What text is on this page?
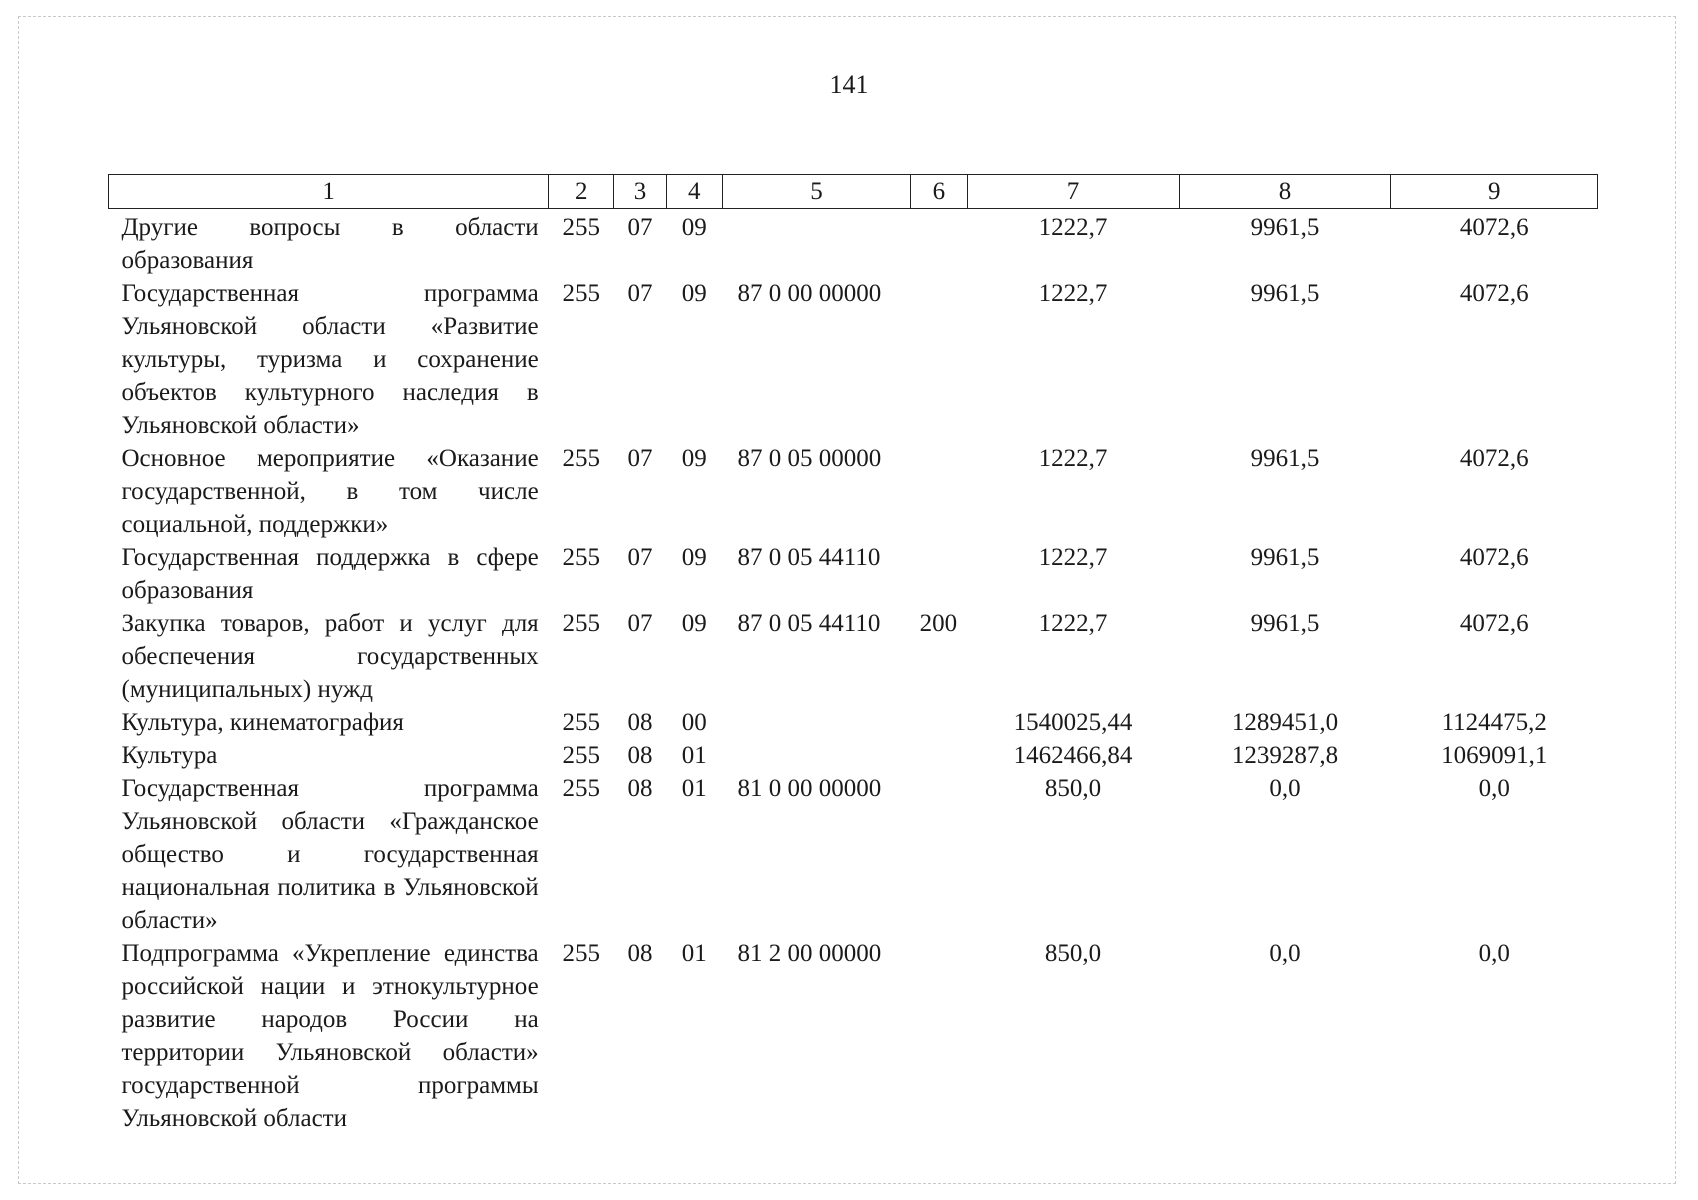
141
1	2	3	4	5	6	7	8	9
Другие вопросы в области образования	255	07	09			1222,7	9961,5	4072,6
Государственная программа Ульяновской области «Развитие культуры, туризма и сохранение объектов культурного наследия в Ульяновской области»	255	07	09	87 0 00 00000		1222,7	9961,5	4072,6
Основное мероприятие «Оказание государственной, в том числе социальной, поддержки»	255	07	09	87 0 05 00000		1222,7	9961,5	4072,6
Государственная поддержка в сфере образования	255	07	09	87 0 05 44110		1222,7	9961,5	4072,6
Закупка товаров, работ и услуг для обеспечения государственных (муниципальных) нужд	255	07	09	87 0 05 44110	200	1222,7	9961,5	4072,6
Культура, кинематография	255	08	00			1540025,44	1289451,0	1124475,2
Культура	255	08	01			1462466,84	1239287,8	1069091,1
Государственная программа Ульяновской области «Гражданское общество и государственная национальная политика в Ульяновской области»	255	08	01	81 0 00 00000		850,0	0,0	0,0
Подпрограмма «Укрепление единства российской нации и этнокультурное развитие народов России на территории Ульяновской области» государственной программы Ульяновской области	255	08	01	81 2 00 00000		850,0	0,0	0,0
